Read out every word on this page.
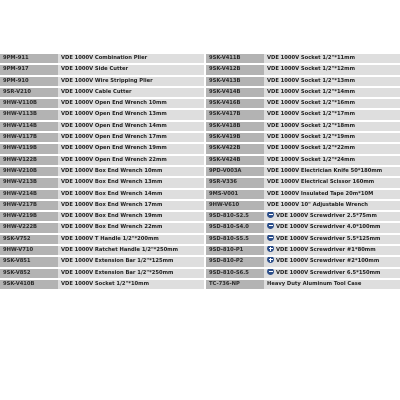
9PM-911	VDE 1000V Combination Plier	9SK-V411B	VDE 1000V Socket 1/2"*11mm
9PM-917	VDE 1000V Side Cutter	9SK-V412B	VDE 1000V Socket 1/2"*12mm
9PM-910	VDE 1000V Wire Stripping Plier	9SK-V413B	VDE 1000V Socket 1/2"*13mm
9SR-V210	VDE 1000V Cable Cutter	9SK-V414B	VDE 1000V Socket 1/2"*14mm
9HW-V110B	VDE 1000V Open End Wrench 10mm	9SK-V416B	VDE 1000V Socket 1/2"*16mm
9HW-V113B	VDE 1000V Open End Wrench 13mm	9SK-V417B	VDE 1000V Socket 1/2"*17mm
9HW-V114B	VDE 1000V Open End Wrench 14mm	9SK-V418B	VDE 1000V Socket 1/2"*18mm
9HW-V117B	VDE 1000V Open End Wrench 17mm	9SK-V419B	VDE 1000V Socket 1/2"*19mm
9HW-V119B	VDE 1000V Open End Wrench 19mm	9SK-V422B	VDE 1000V Socket 1/2"*22mm
9HW-V122B	VDE 1000V Open End Wrench 22mm	9SK-V424B	VDE 1000V Socket 1/2"*24mm
9HW-V210B	VDE 1000V Box End Wrench 10mm	9PD-V003A	VDE 1000V Electrician Knife 50*180mm
9HW-V213B	VDE 1000V Box End Wrench 13mm	9SR-V336	VDE 1000V Electrical Scissor 160mm
9HW-V214B	VDE 1000V Box End Wrench 14mm	9MS-V001	VDE 1000V Insulated Tape 20m*10M
9HW-V217B	VDE 1000V Box End Wrench 17mm	9HW-V610	VDE 1000V 10" Adjustable Wrench
9HW-V219B	VDE 1000V Box End Wrench 19mm	9SD-810-S2.5	VDE 1000V Screwdriver 2.5*75mm
9HW-V222B	VDE 1000V Box End Wrench 22mm	9SD-810-S4.0	VDE 1000V Screwdriver 4.0*100mm
9SK-V752	VDE 1000V T Handle 1/2"*200mm	9SD-810-S5.5	VDE 1000V Screwdriver 5.5*125mm
9HW-V710	VDE 1000V Ratchet Handle 1/2"*250mm	9SD-810-P1	VDE 1000V Screwdriver #1*80mm
9SK-V851	VDE 1000V Extension Bar 1/2"*125mm	9SD-810-P2	VDE 1000V Screwdriver #2*100mm
9SK-V852	VDE 1000V Extension Bar 1/2"*250mm	9SD-810-S6.5	VDE 1000V Screwdriver 6.5*150mm
9SK-V410B	VDE 1000V Socket 1/2"*10mm	TC-736-NP	Heavy Duty Aluminum Tool Case
